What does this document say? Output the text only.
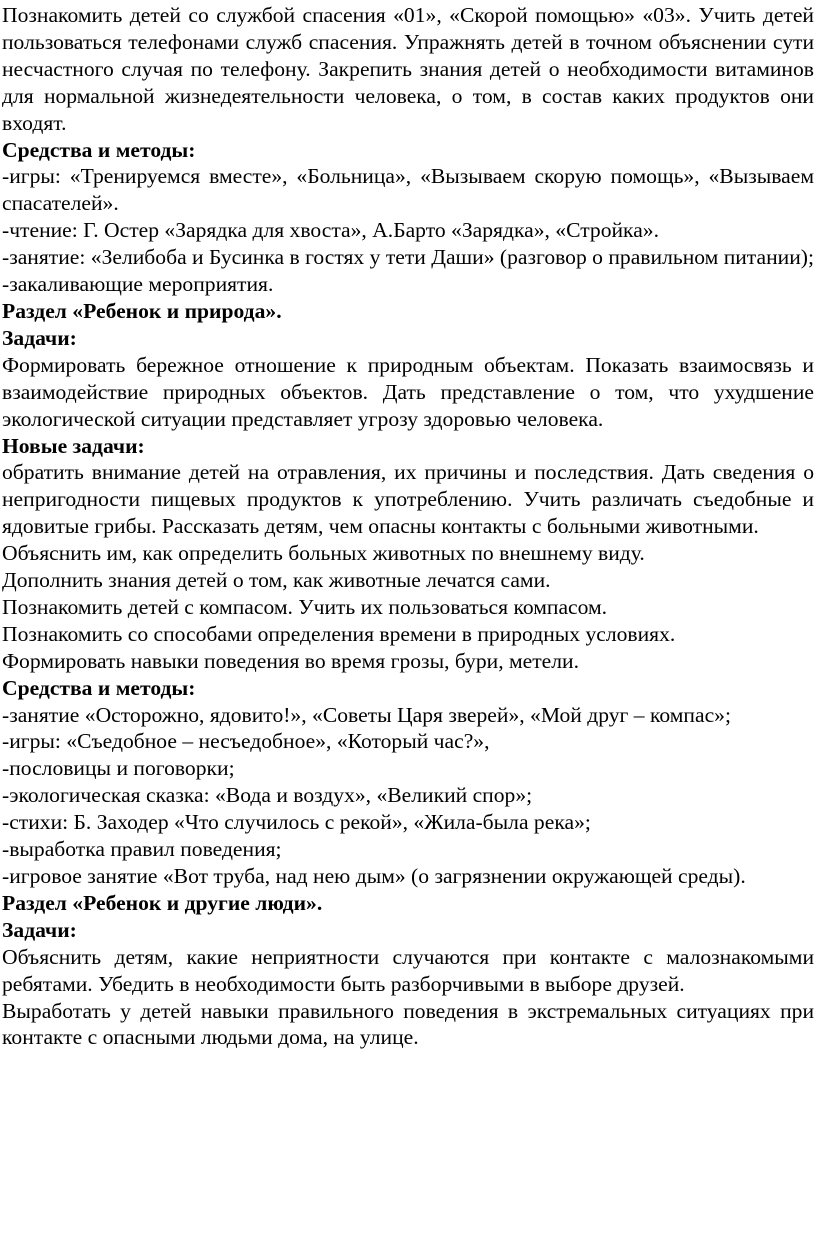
Познакомить детей со службой спасения «01», «Скорой помощью» «03». Учить детей пользоваться телефонами служб спасения. Упражнять детей в точном объяснении сути несчастного случая по телефону. Закрепить знания детей о необходимости витаминов для нормальной жизнедеятельности человека, о том, в состав каких продуктов они входят.

Средства и методы:

-игры: «Тренируемся вместе», «Больница», «Вызываем скорую помощь», «Вызываем спасателей».

-чтение: Г. Остер «Зарядка для хвоста», А.Барто «Зарядка», «Стройка».

-занятие: «Зелибоба и Бусинка в гостях у тети Даши» (разговор о правильном питании);

-закаливающие мероприятия.

Раздел «Ребенок и природа».

Задачи:

Формировать бережное отношение к природным объектам. Показать взаимосвязь и взаимодействие природных объектов. Дать представление о том, что ухудшение экологической ситуации представляет угрозу здоровью человека.

Новые задачи:

обратить внимание детей на отравления, их причины и последствия. Дать сведения о непригодности пищевых продуктов к употреблению. Учить различать съедобные и ядовитые грибы. Рассказать детям, чем опасны контакты с больными животными.

Объяснить им, как определить больных животных по внешнему виду.

Дополнить знания детей о том, как животные лечатся сами.

Познакомить детей с компасом. Учить их пользоваться компасом.

Познакомить со способами определения времени в природных условиях.

Формировать навыки поведения во время грозы, бури, метели.

Средства и методы:

-занятие «Осторожно, ядовито!», «Советы Царя зверей», «Мой друг – компас»;

-игры: «Съедобное – несъедобное», «Который час?»,

-пословицы и поговорки;

-экологическая сказка: «Вода и воздух», «Великий спор»;

-стихи: Б. Заходер «Что случилось с рекой», «Жила-была река»;

-выработка правил поведения;

-игровое занятие «Вот труба, над нею дым» (о загрязнении окружающей среды).

Раздел «Ребенок и другие люди».

Задачи:

Объяснить детям, какие неприятности случаются при контакте с малознакомыми ребятами. Убедить в необходимости быть разборчивыми в выборе друзей.

Выработать у детей навыки правильного поведения в экстремальных ситуациях при контакте с опасными людьми дома, на улице.
